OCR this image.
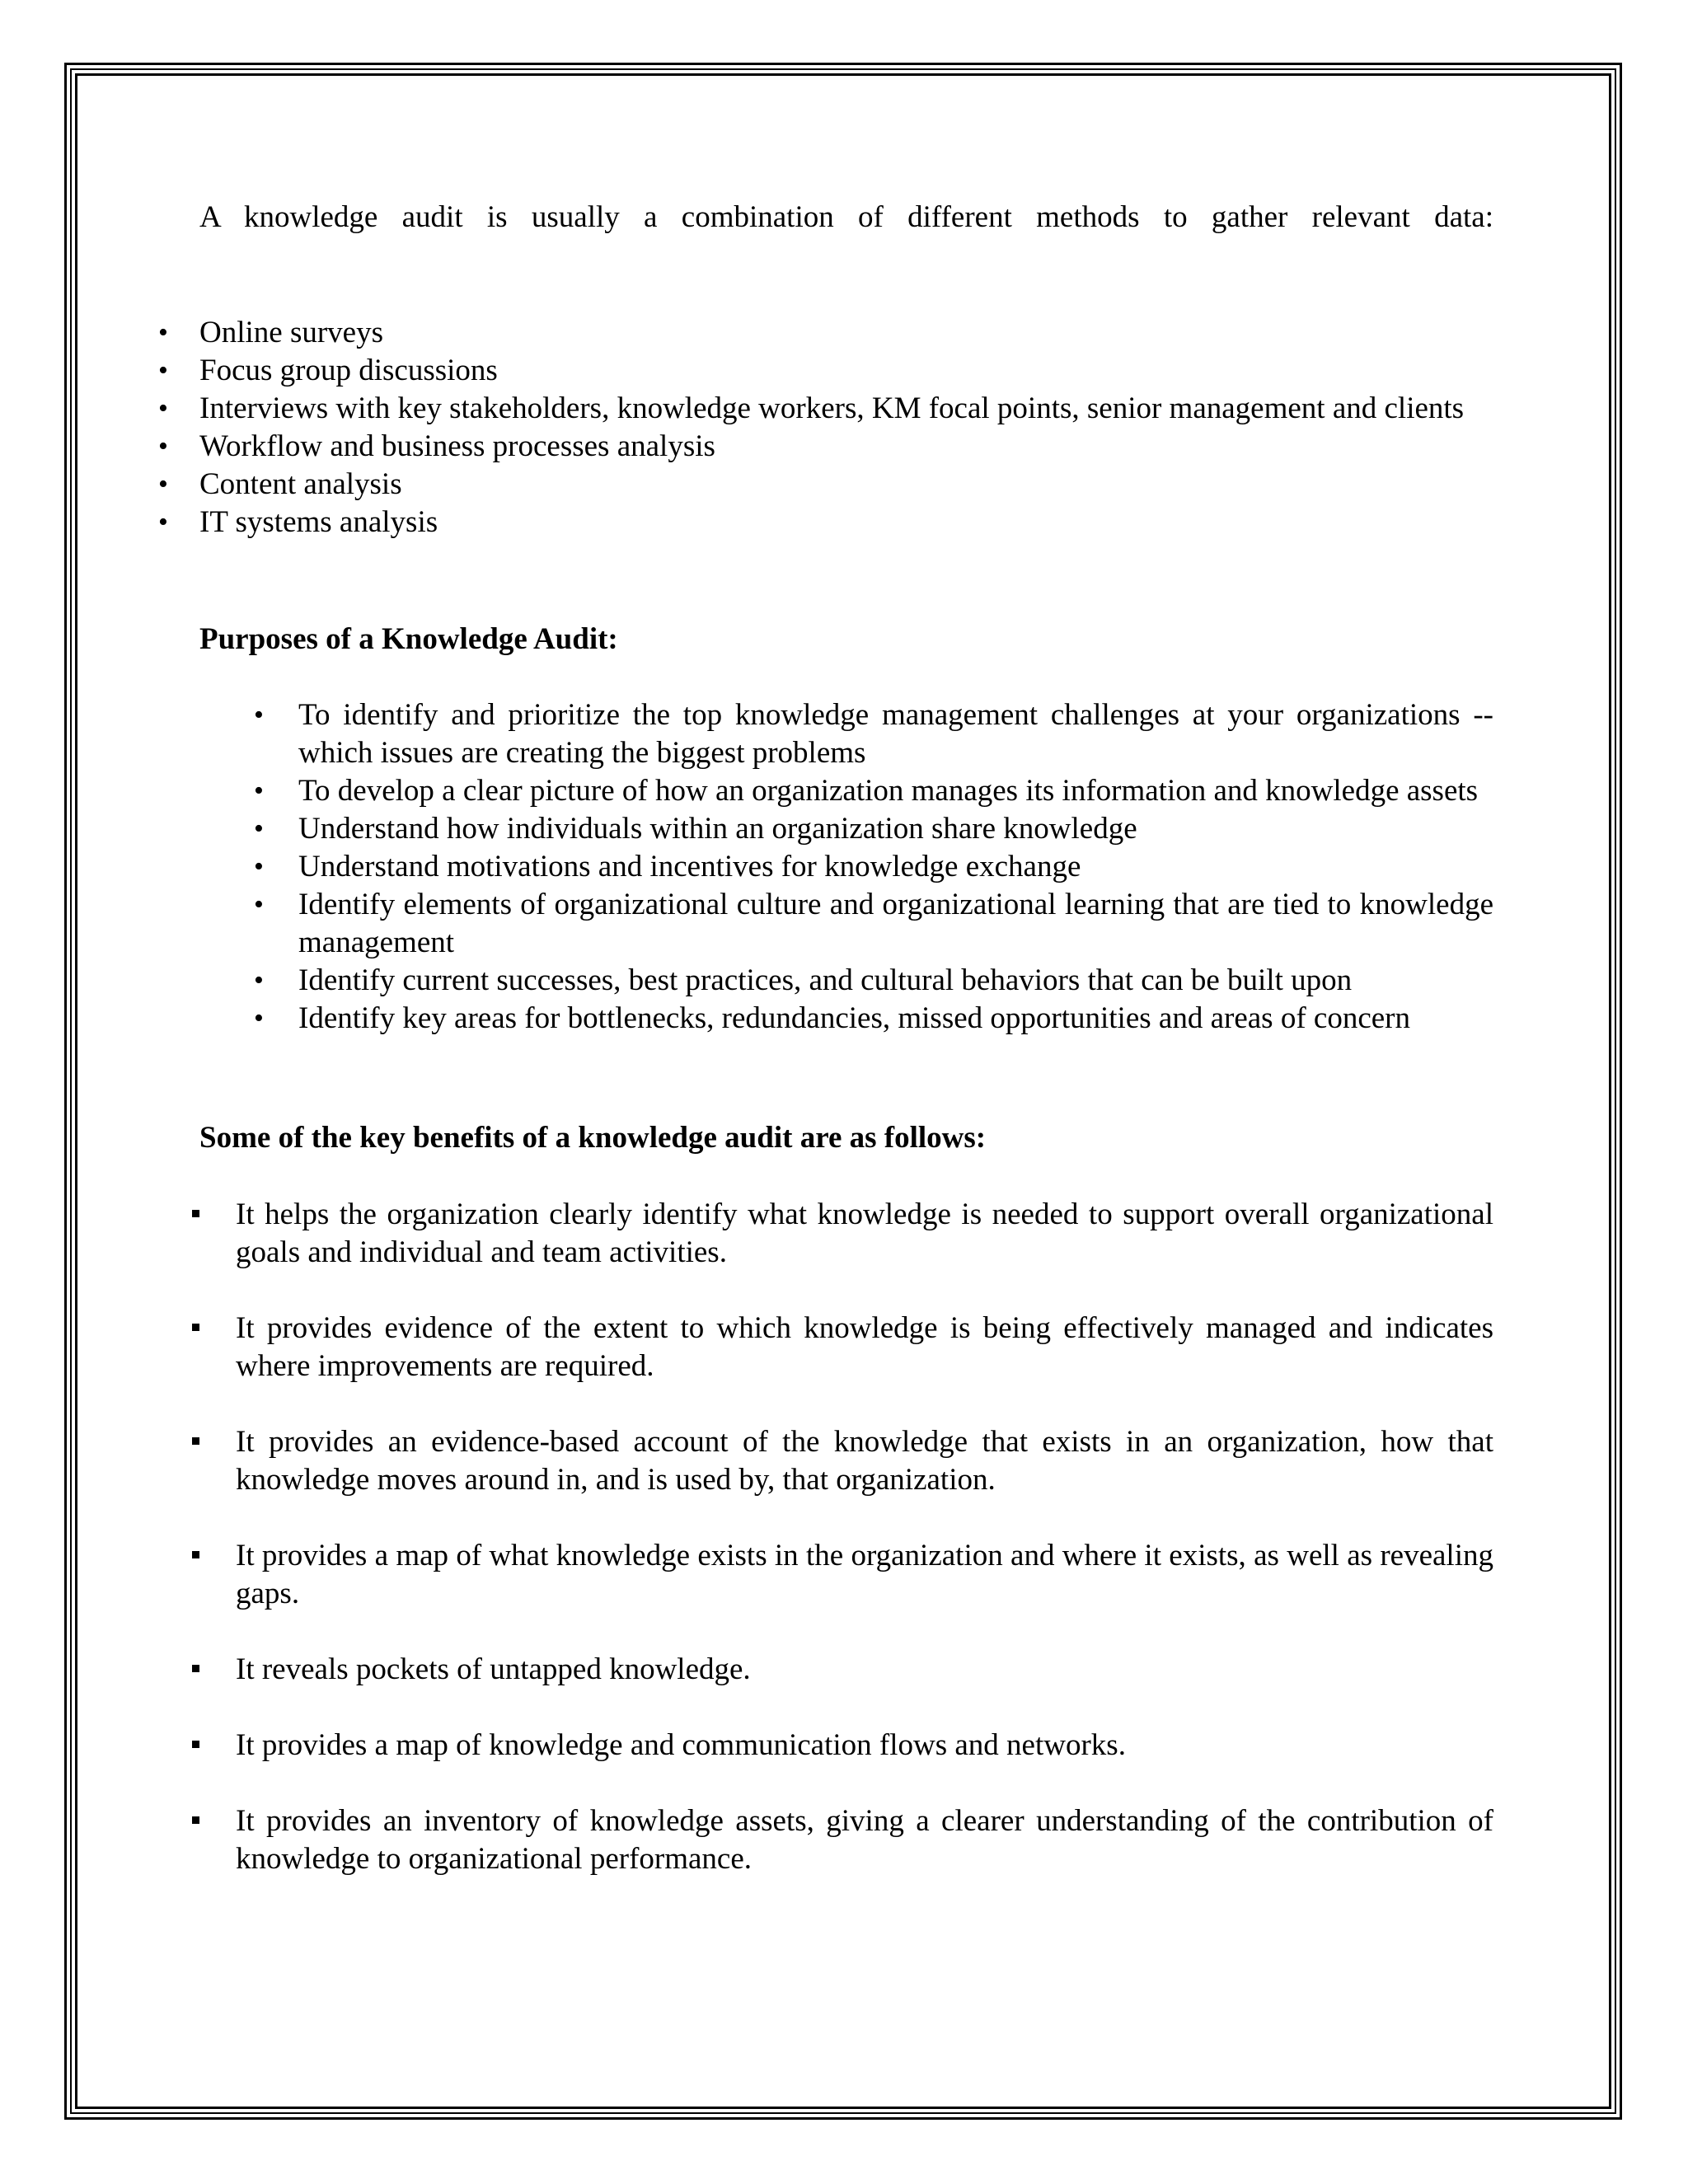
A knowledge audit is usually a combination of different methods to gather relevant data:

• Online surveys
• Focus group discussions
• Interviews with key stakeholders, knowledge workers, KM focal points, senior management and clients
• Workflow and business processes analysis
• Content analysis
• IT systems analysis
Purposes of a Knowledge Audit:
• To identify and prioritize the top knowledge management challenges at your organizations -- which issues are creating the biggest problems
• To develop a clear picture of how an organization manages its information and knowledge assets
• Understand how individuals within an organization share knowledge
• Understand motivations and incentives for knowledge exchange
• Identify elements of organizational culture and organizational learning that are tied to knowledge management
• Identify current successes, best practices, and cultural behaviors that can be built upon
• Identify key areas for bottlenecks, redundancies, missed opportunities and areas of concern
Some of the key benefits of a knowledge audit are as follows:
It helps the organization clearly identify what knowledge is needed to support overall organizational goals and individual and team activities.
It provides evidence of the extent to which knowledge is being effectively managed and indicates where improvements are required.
It provides an evidence-based account of the knowledge that exists in an organization, how that knowledge moves around in, and is used by, that organization.
It provides a map of what knowledge exists in the organization and where it exists, as well as revealing gaps.
It reveals pockets of untapped knowledge.
It provides a map of knowledge and communication flows and networks.
It provides an inventory of knowledge assets, giving a clearer understanding of the contribution of knowledge to organizational performance.
